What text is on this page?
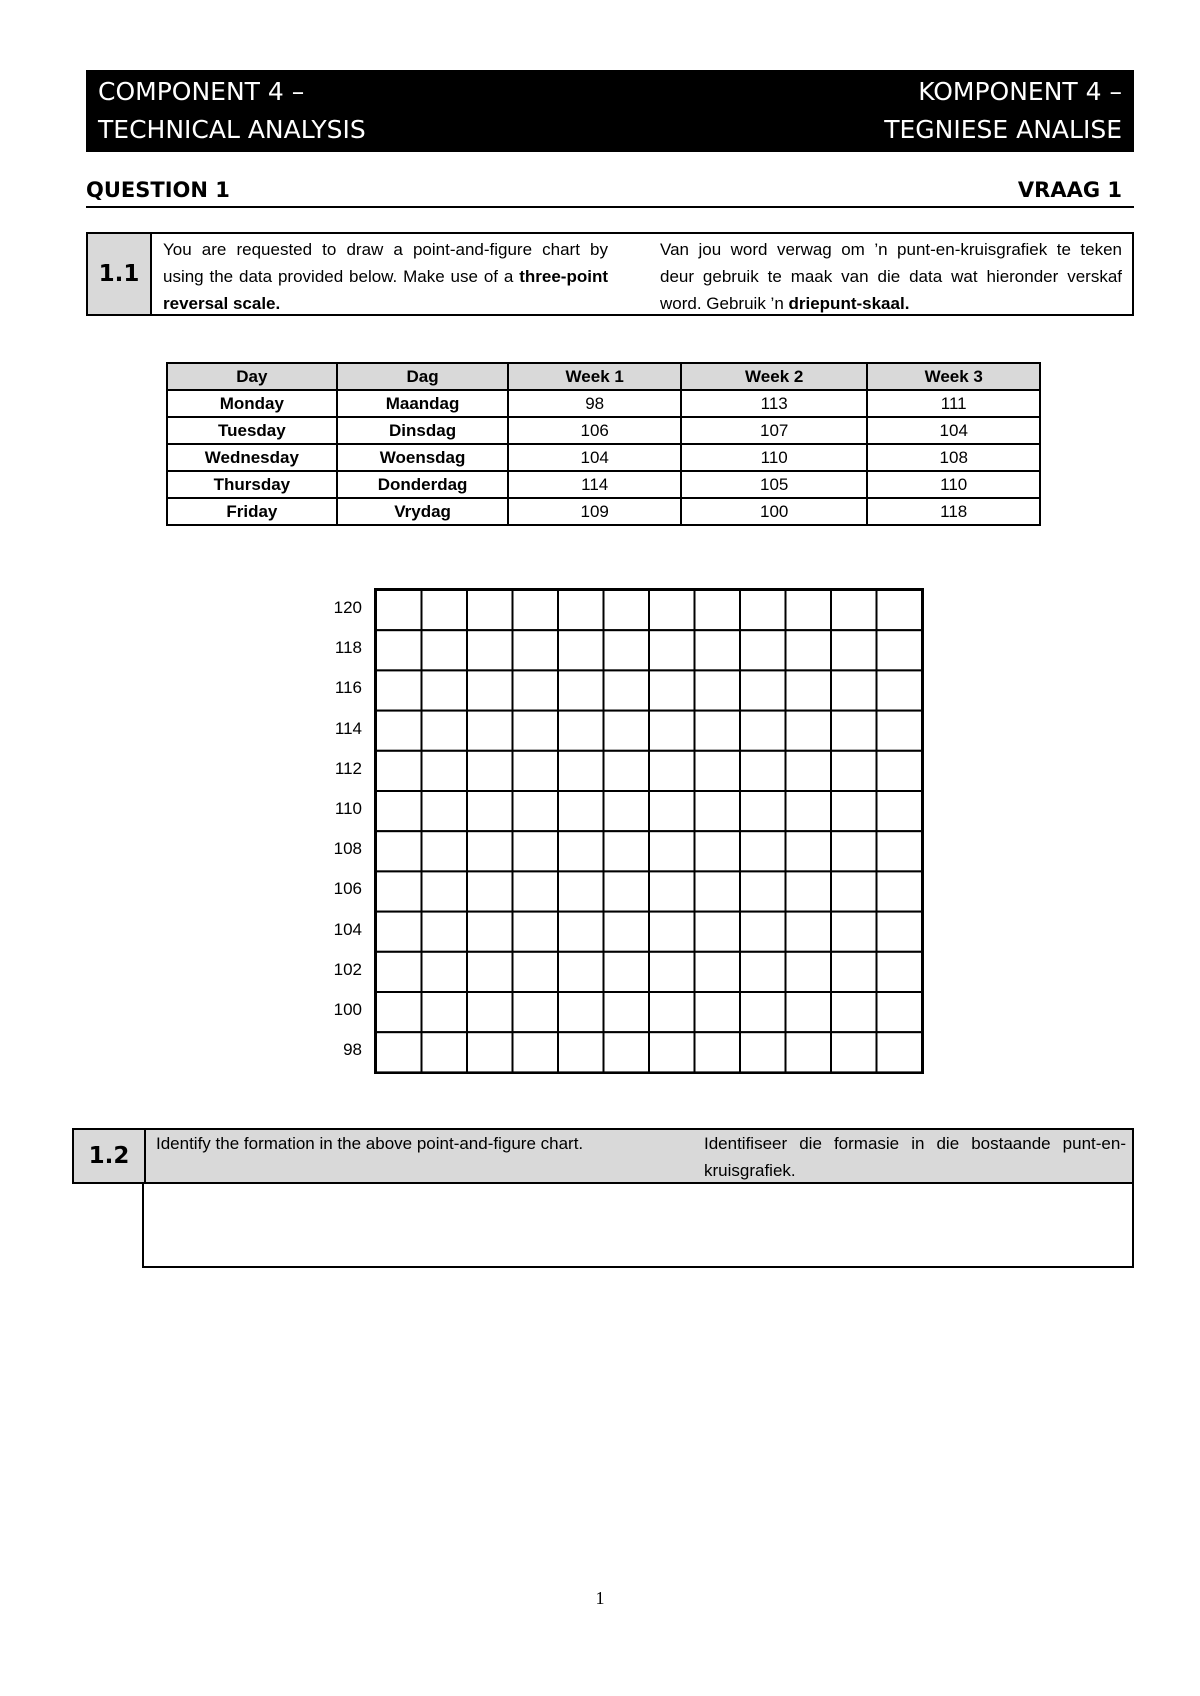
COMPONENT 4 –
TECHNICAL ANALYSIS
KOMPONENT 4 –
TEGNIESE ANALISE
QUESTION 1	VRAAG 1
1.1
You are requested to draw a point-and-figure chart by using the data provided below. Make use of a three-point reversal scale.
Van jou word verwag om ’n punt-en-kruisgrafiek te teken deur gebruik te maak van die data wat hieronder verskaf word. Gebruik ’n driepunt-skaal.
Day	Dag	Week 1	Week 2	Week 3
Monday	Maandag	98	113	111
Tuesday	Dinsdag	106	107	104
Wednesday	Woensdag	104	110	108
Thursday	Donderdag	114	105	110
Friday	Vrydag	109	100	118
120
118
116
114
112
110
108
106
104
102
100
98
1.2	Identify the formation in the above point-and-figure chart.	Identifiseer die formasie in die bostaande punt-en-kruisgrafiek.
1
